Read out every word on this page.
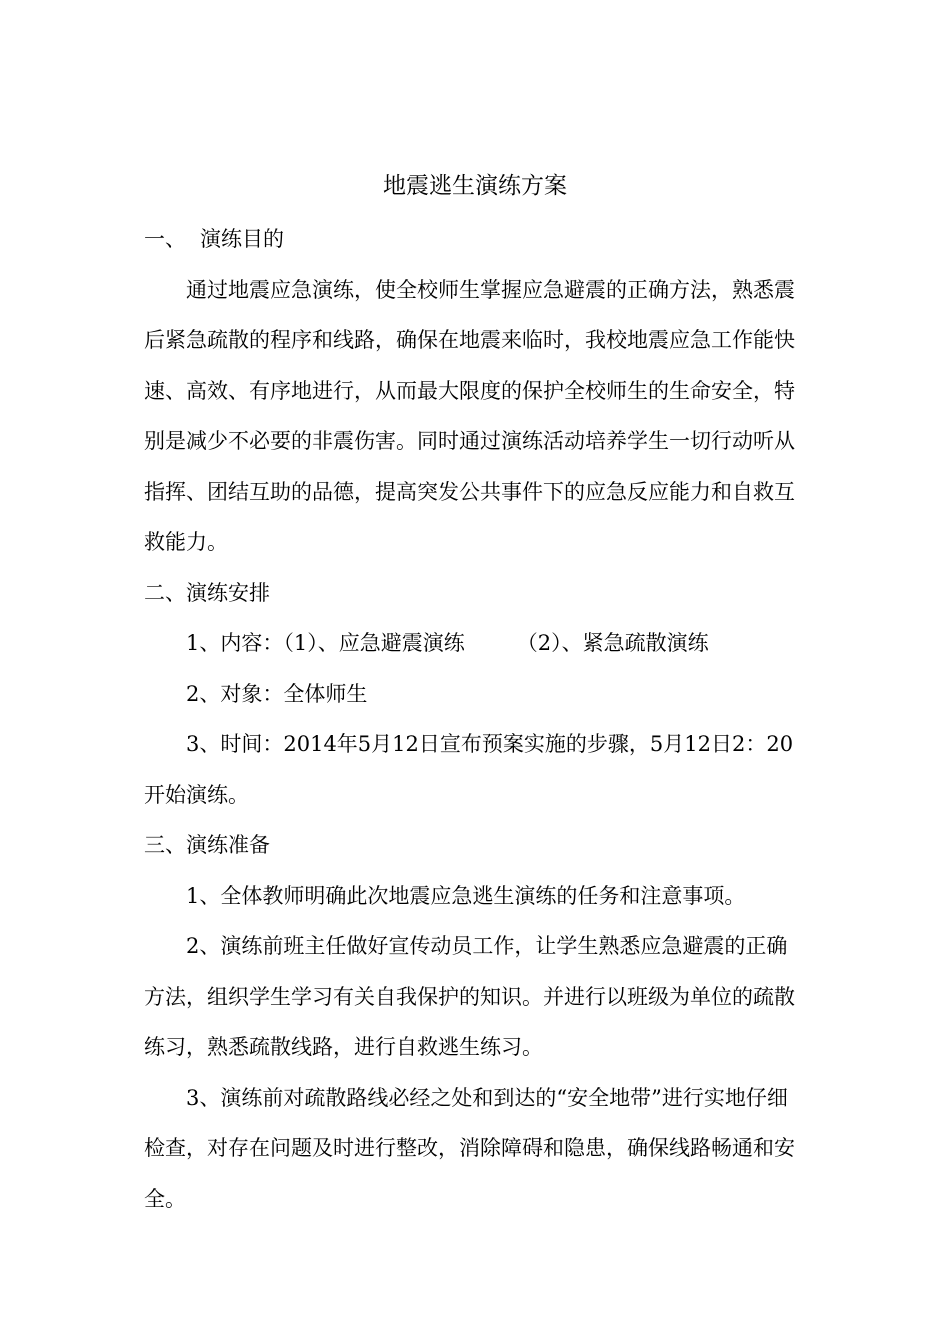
地震逃生演练方案

一、 演练目的

通过地震应急演练，使全校师生掌握应急避震的正确方法，熟悉震后紧急疏散的程序和线路，确保在地震来临时，我校地震应急工作能快速、高效、有序地进行，从而最大限度的保护全校师生的生命安全，特别是减少不必要的非震伤害。同时通过演练活动培养学生一切行动听从指挥、团结互助的品德，提高突发公共事件下的应急反应能力和自救互救能力。

二、演练安排

1、内容：（1）、应急避震演练 （2）、紧急疏散演练

2、对象：全体师生

3、时间：2014年5月12日宣布预案实施的步骤，5月12日2：20开始演练。

三、演练准备

1、全体教师明确此次地震应急逃生演练的任务和注意事项。

2、演练前班主任做好宣传动员工作，让学生熟悉应急避震的正确方法，组织学生学习有关自我保护的知识。并进行以班级为单位的疏散练习，熟悉疏散线路，进行自救逃生练习。

3、演练前对疏散路线必经之处和到达的“安全地带”进行实地仔细检查，对存在问题及时进行整改，消除障碍和隐患，确保线路畅通和安全。
